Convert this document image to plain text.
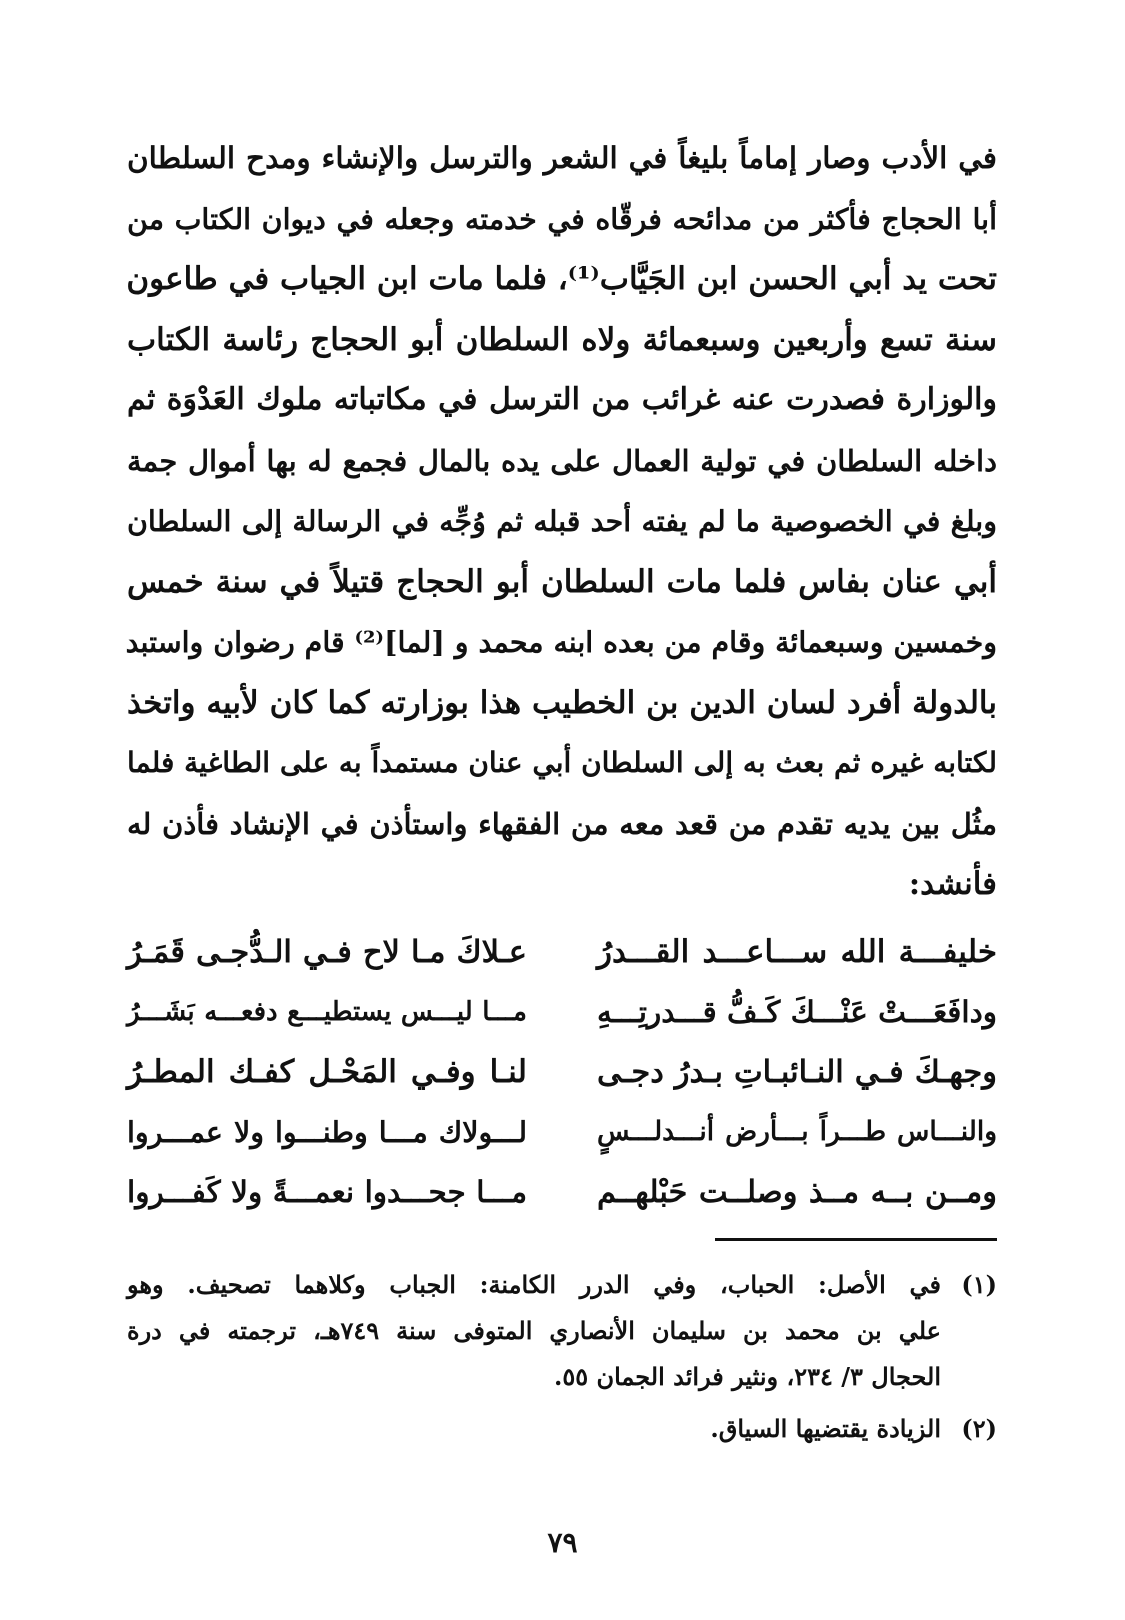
في الأدب وصار إماماً بليغاً في الشعر والترسل والإنشاء ومدح السلطان
أبا الحجاج فأكثر من مدائحه فرقّاه في خدمته وجعله في ديوان الكتاب من
تحت يد أبي الحسن ابن الجَيَّاب⁽¹⁾، فلما مات ابن الجياب في طاعون
سنة تسع وأربعين وسبعمائة ولاه السلطان أبو الحجاج رئاسة الكتاب
والوزارة فصدرت عنه غرائب من الترسل في مكاتباته ملوك العَدْوَة ثم
داخله السلطان في تولية العمال على يده بالمال فجمع له بها أموال جمة
وبلغ في الخصوصية ما لم يفته أحد قبله ثم وُجِّه في الرسالة إلى السلطان
أبي عنان بفاس فلما مات السلطان أبو الحجاج قتيلاً في سنة خمس
وخمسين وسبعمائة وقام من بعده ابنه محمد و [لما]⁽²⁾ قام رضوان واستبد
بالدولة أفرد لسان الدين بن الخطيب هذا بوزارته كما كان لأبيه واتخذ
لكتابه غيره ثم بعث به إلى السلطان أبي عنان مستمداً به على الطاغية فلما
مثُل بين يديه تقدم من قعد معه من الفقهاء واستأذن في الإنشاد فأذن له
فأنشد:
خليفـــة الله ســـاعـــد القـــدرُ
عـلاكَ مـا لاح فـي الـدُّجـى قَمَـرُ
ودافَعَـــتْ عَنْـــكَ كَـفُّ قـــدرتِـــهِ
مـــا ليـــس يستطيـــع دفعـــه بَشَـــرُ
وجهـكَ فـي النـائبـاتِ بـدرُ دجـى
لنـا وفـي المَحْـل كفـك المطـرُ
والنـــاس طـــراً بـــأرض أنـــدلـــسٍ
لـــولاك مـــا وطنـــوا ولا عمـــروا
ومــن بــه مــذ وصلــت حَبْلهــم
مـــا جحـــدوا نعمـــةً ولا كَفـــروا
(١)
في الأصل: الحباب، وفي الدرر الكامنة: الجباب وكلاهما تصحيف. وهو
علي بن محمد بن سليمان الأنصاري المتوفى سنة ٧٤٩هـ، ترجمته في درة
الحجال ٣/ ٢٣٤، ونثير فرائد الجمان ٥٥.
(٢)
الزيادة يقتضيها السياق.
٧٩
